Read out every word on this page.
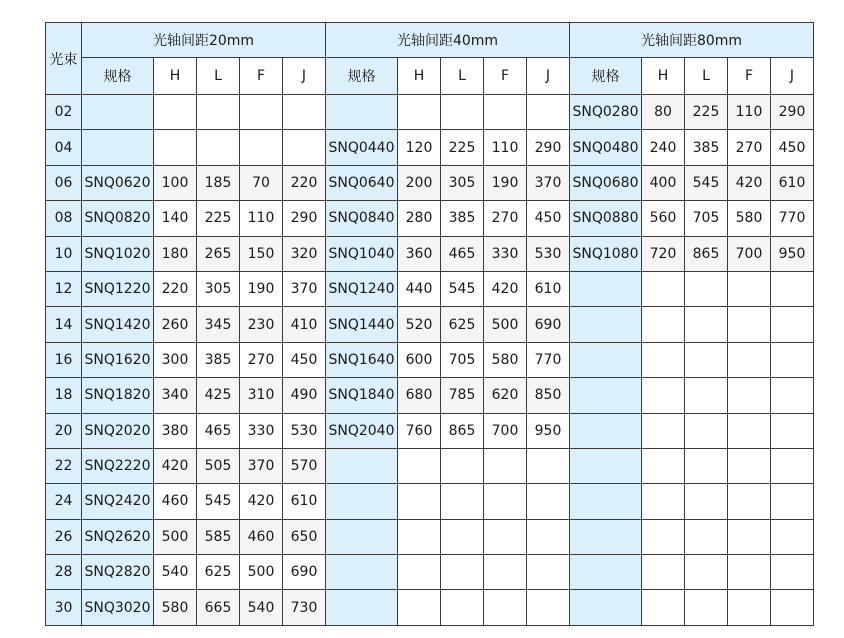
光束	光轴间距20mm					光轴间距40mm					光轴间距80mm				
	规格	H	L	F	J	规格	H	L	F	J	规格	H	L	F	J
02											SNQ0280	80	225	110	290
04						SNQ0440	120	225	110	290	SNQ0480	240	385	270	450
06	SNQ0620	100	185	70	220	SNQ0640	200	305	190	370	SNQ0680	400	545	420	610
08	SNQ0820	140	225	110	290	SNQ0840	280	385	270	450	SNQ0880	560	705	580	770
10	SNQ1020	180	265	150	320	SNQ1040	360	465	330	530	SNQ1080	720	865	700	950
12	SNQ1220	220	305	190	370	SNQ1240	440	545	420	610					
14	SNQ1420	260	345	230	410	SNQ1440	520	625	500	690					
16	SNQ1620	300	385	270	450	SNQ1640	600	705	580	770					
18	SNQ1820	340	425	310	490	SNQ1840	680	785	620	850					
20	SNQ2020	380	465	330	530	SNQ2040	760	865	700	950					
22	SNQ2220	420	505	370	570										
24	SNQ2420	460	545	420	610										
26	SNQ2620	500	585	460	650										
28	SNQ2820	540	625	500	690										
30	SNQ3020	580	665	540	730										
